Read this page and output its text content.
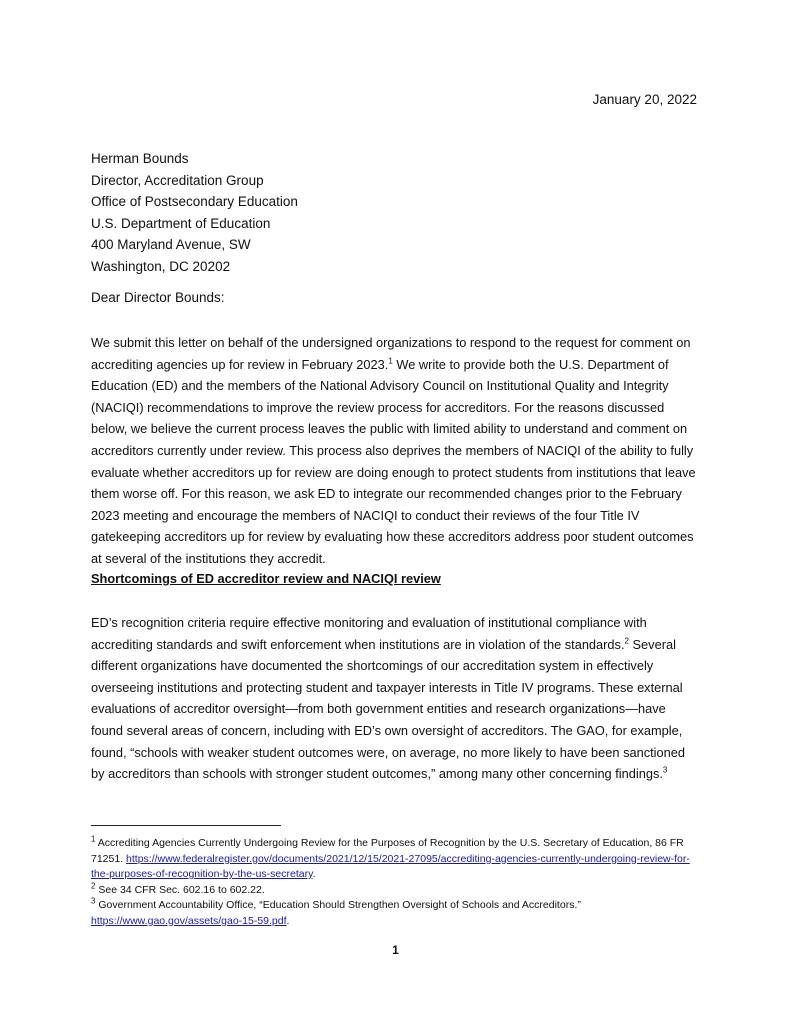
January 20, 2022
Herman Bounds
Director, Accreditation Group
Office of Postsecondary Education
U.S. Department of Education
400 Maryland Avenue, SW
Washington, DC 20202
Dear Director Bounds:
We submit this letter on behalf of the undersigned organizations to respond to the request for comment on accrediting agencies up for review in February 2023.$^1$ We write to provide both the U.S. Department of Education (ED) and the members of the National Advisory Council on Institutional Quality and Integrity (NACIQI) recommendations to improve the review process for accreditors. For the reasons discussed below, we believe the current process leaves the public with limited ability to understand and comment on accreditors currently under review. This process also deprives the members of NACIQI of the ability to fully evaluate whether accreditors up for review are doing enough to protect students from institutions that leave them worse off. For this reason, we ask ED to integrate our recommended changes prior to the February 2023 meeting and encourage the members of NACIQI to conduct their reviews of the four Title IV gatekeeping accreditors up for review by evaluating how these accreditors address poor student outcomes at several of the institutions they accredit.
Shortcomings of ED accreditor review and NACIQI review
ED’s recognition criteria require effective monitoring and evaluation of institutional compliance with accrediting standards and swift enforcement when institutions are in violation of the standards.$^2$ Several different organizations have documented the shortcomings of our accreditation system in effectively overseeing institutions and protecting student and taxpayer interests in Title IV programs. These external evaluations of accreditor oversight—from both government entities and research organizations—have found several areas of concern, including with ED’s own oversight of accreditors. The GAO, for example, found, “schools with weaker student outcomes were, on average, no more likely to have been sanctioned by accreditors than schools with stronger student outcomes,” among many other concerning findings.$^3$
$^1$ Accrediting Agencies Currently Undergoing Review for the Purposes of Recognition by the U.S. Secretary of Education, 86 FR 71251. https://www.federalregister.gov/documents/2021/12/15/2021-27095/accrediting-agencies-currently-undergoing-review-for-the-purposes-of-recognition-by-the-us-secretary.
$^2$ See 34 CFR Sec. 602.16 to 602.22.
$^3$ Government Accountability Office, “Education Should Strengthen Oversight of Schools and Accreditors.” https://www.gao.gov/assets/gao-15-59.pdf.
1
